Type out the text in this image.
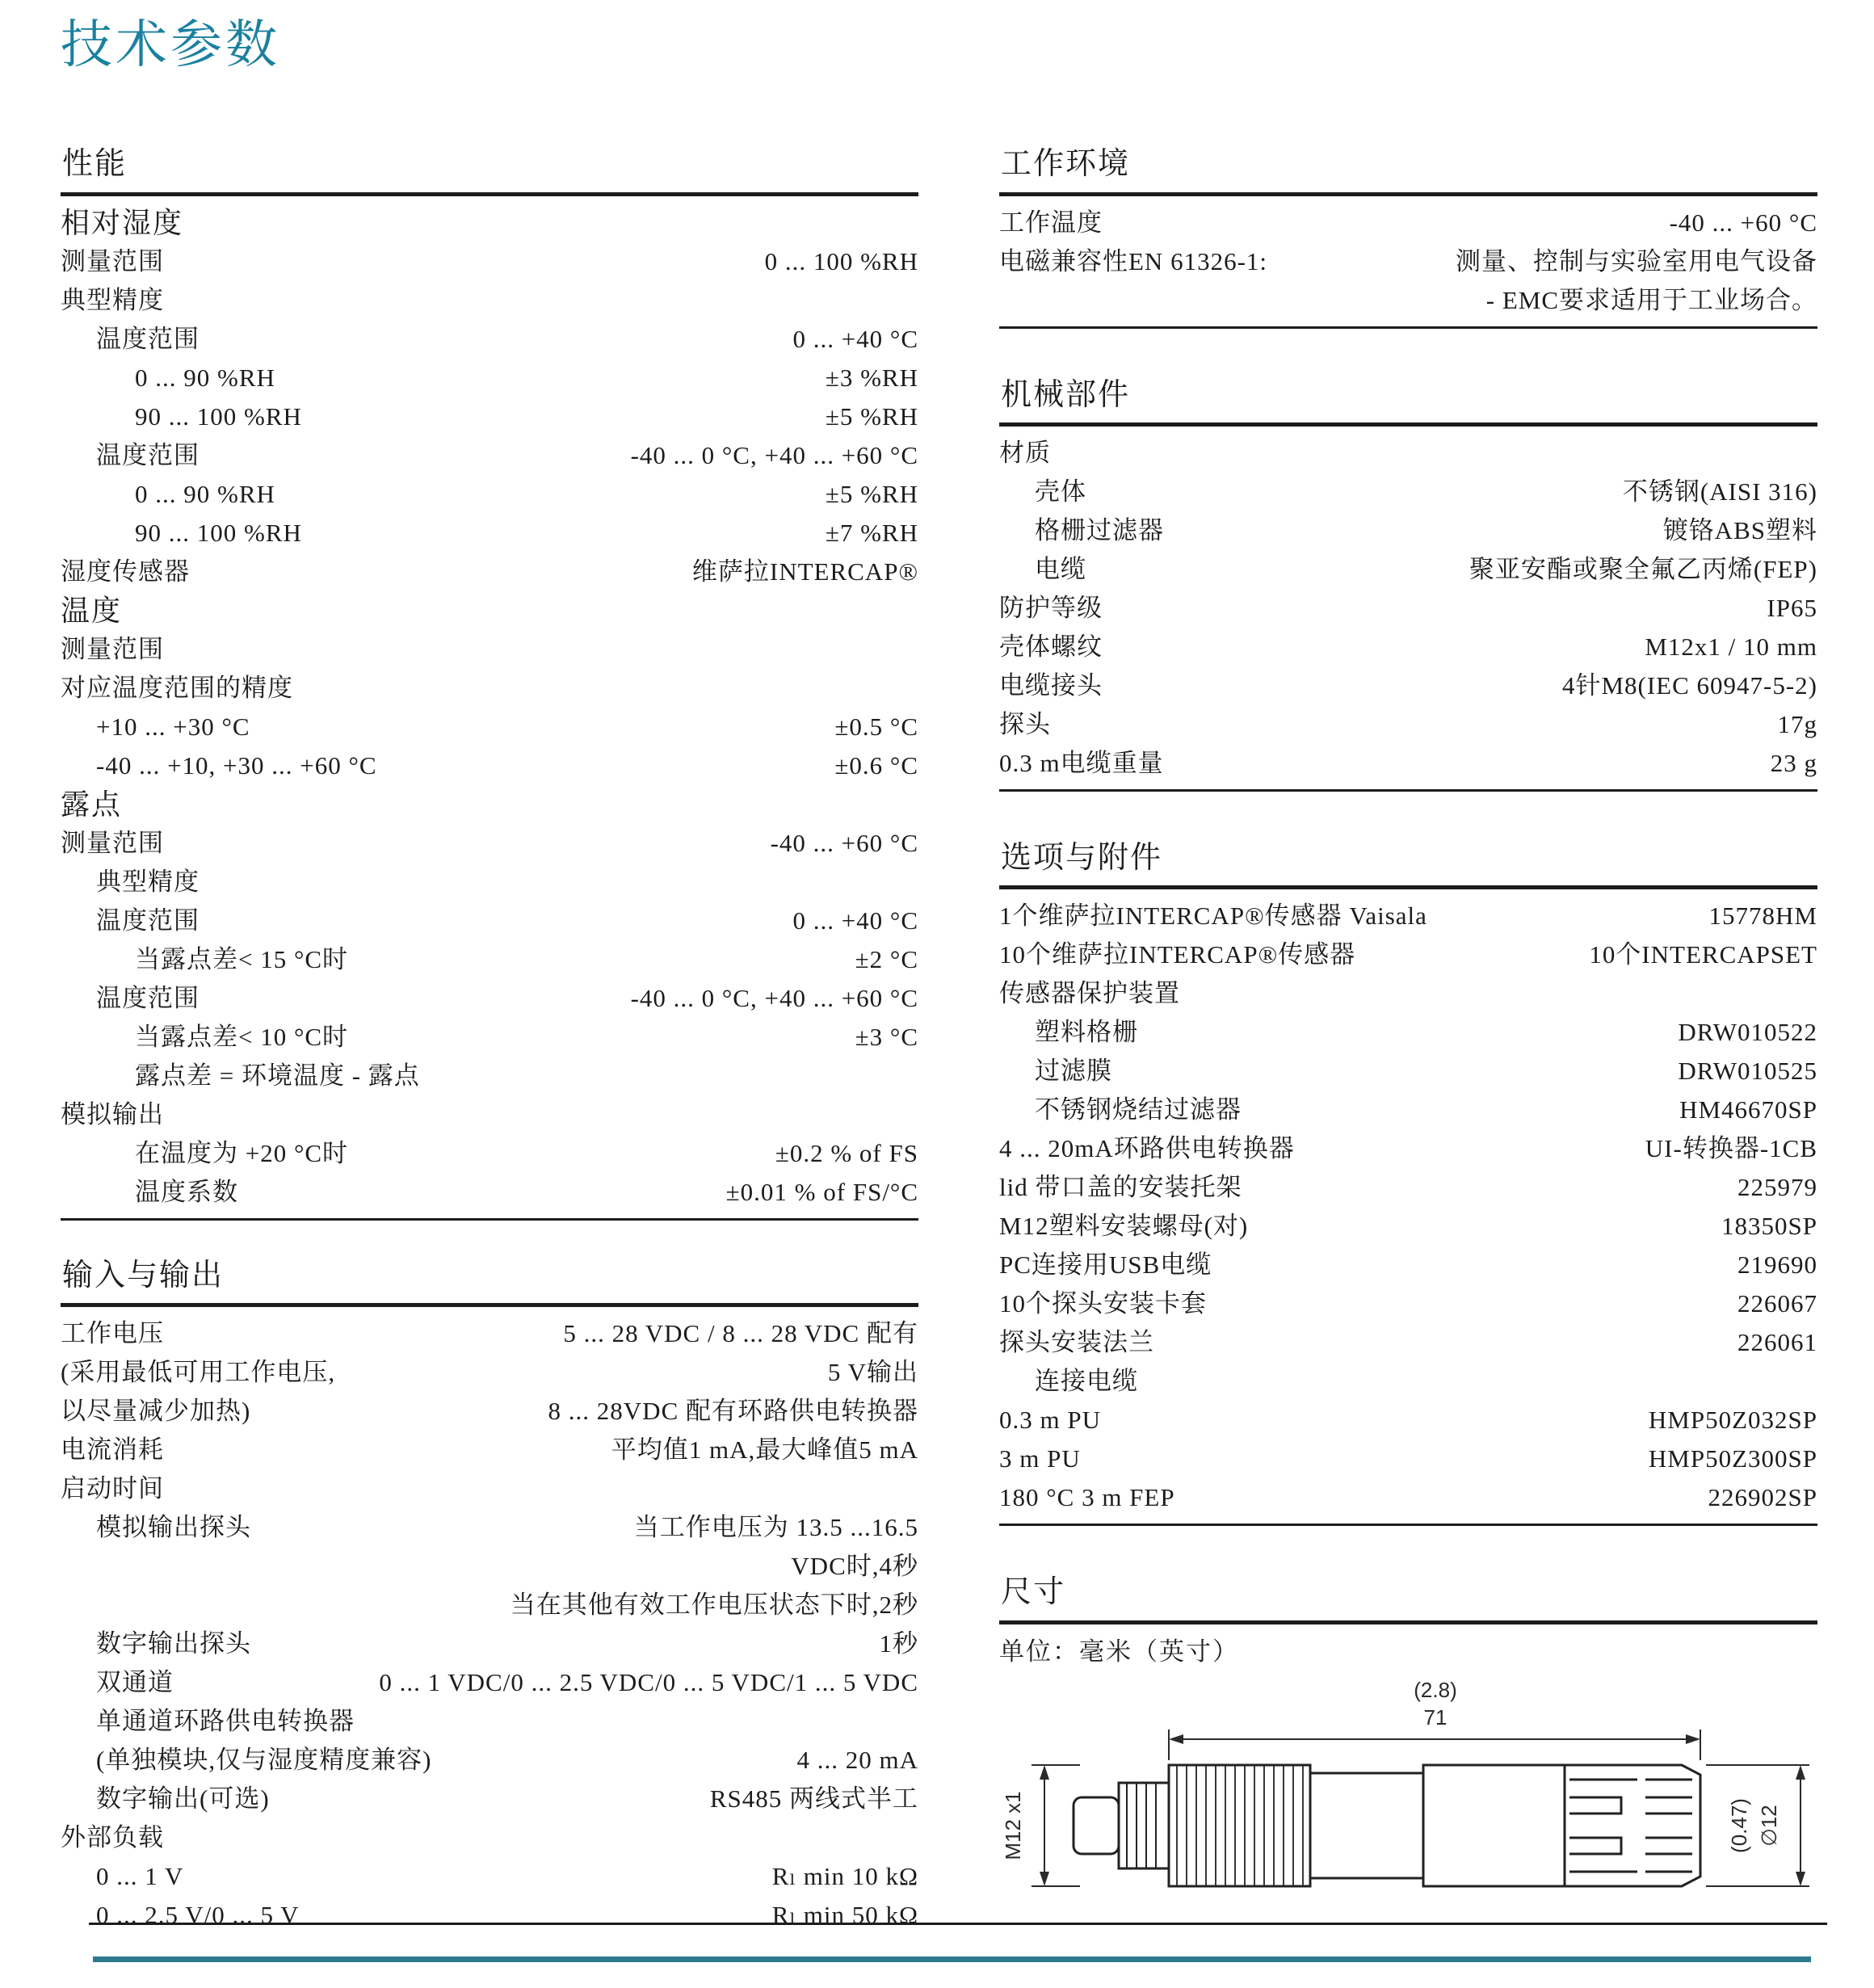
技术参数
性能
相对湿度
测量范围	0 ... 100 %RH
典型精度
温度范围	0 ... +40 °C
0 ... 90 %RH	±3 %RH
90 ... 100 %RH	±5 %RH
温度范围	-40 ... 0 °C, +40 ... +60 °C
0 ... 90 %RH	±5 %RH
90 ... 100 %RH	±7 %RH
湿度传感器	维萨拉INTERCAP®
温度
测量范围
对应温度范围的精度
+10 ... +30 °C	±0.5 °C
-40 ... +10, +30 ... +60 °C	±0.6 °C
露点
测量范围	-40 ... +60 °C
典型精度
温度范围	0 ... +40 °C
当露点差< 15 °C时	±2 °C
温度范围	-40 ... 0 °C, +40 ... +60 °C
当露点差< 10 °C时	±3 °C
露点差 = 环境温度 - 露点
模拟输出
在温度为 +20 °C时	±0.2 % of FS
温度系数	±0.01 % of FS/°C
输入与输出
工作电压	5 ... 28 VDC / 8 ... 28 VDC 配有
(采用最低可用工作电压,	5 V输出
以尽量减少加热)	8 ... 28VDC 配有环路供电转换器
电流消耗	平均值1 mA,最大峰值5 mA
启动时间
模拟输出探头	当工作电压为 13.5 ...16.5
VDC时,4秒
当在其他有效工作电压状态下时,2秒
数字输出探头	1秒
双通道	0 ... 1 VDC/0 ... 2.5 VDC/0 ... 5 VDC/1 ... 5 VDC
单通道环路供电转换器
(单独模块,仅与湿度精度兼容)	4 ... 20 mA
数字输出(可选)	RS485 两线式半工
外部负载
0 ... 1 V	Rₗ min 10 kΩ
0 ... 2.5 V/0 ... 5 V	Rₗ min 50 kΩ
工作环境
工作温度	-40 ... +60 °C
电磁兼容性EN 61326-1:	测量、控制与实验室用电气设备
- EMC要求适用于工业场合。
机械部件
材质
壳体	不锈钢(AISI 316)
格栅过滤器	镀铬ABS塑料
电缆	聚亚安酯或聚全氟乙丙烯(FEP)
防护等级	IP65
壳体螺纹	M12x1 / 10 mm
电缆接头	4针M8(IEC 60947-5-2)
探头	17g
0.3 m电缆重量	23 g
选项与附件
1个维萨拉INTERCAP®传感器 Vaisala	15778HM
10个维萨拉INTERCAP®传感器	10个INTERCAPSET
传感器保护装置
塑料格栅	DRW010522
过滤膜	DRW010525
不锈钢烧结过滤器	HM46670SP
4 ... 20mA环路供电转换器	UI-转换器-1CB
lid 带口盖的安装托架	225979
M12塑料安装螺母(对)	18350SP
PC连接用USB电缆	219690
10个探头安装卡套	226067
探头安装法兰	226061
连接电缆
0.3 m PU	HMP50Z032SP
3 m PU	HMP50Z300SP
180 °C 3 m FEP	226902SP
尺寸
单位：毫米（英寸）
(2.8)
71
M12 x1	(0.47) ∅12
